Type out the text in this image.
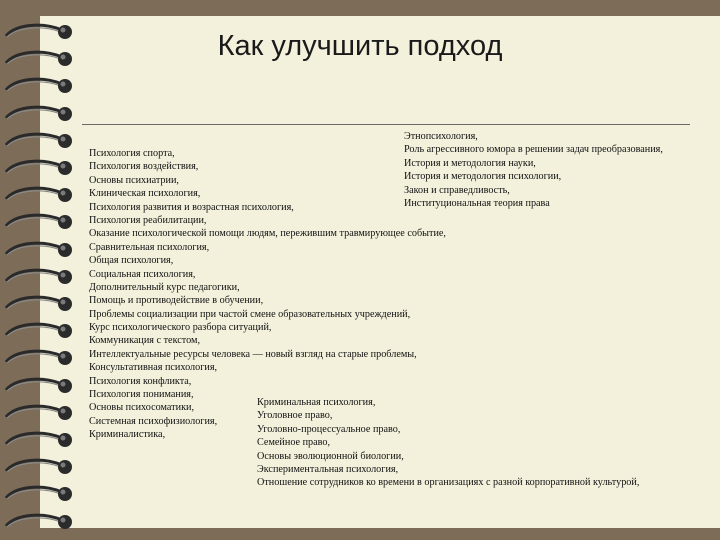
Как улучшить подход
Этнопсихология,
Роль агрессивного юмора в решении задач преобразования,
История и методология науки,
История и методология психологии,
Закон и справедливость,
Институциональная теория права
Психология спорта,
Психология воздействия,
Основы психиатрии,
Клиническая психология,
Психология развития и возрастная психология,
Психология реабилитации,
Оказание психологической помощи людям, пережившим травмирующее событие,
Сравнительная психология,
Общая психология,
Социальная психология,
Дополнительный курс педагогики,
Помощь и противодействие в обучении,
Проблемы социализации при частой смене образовательных учреждений,
Курс психологического разбора ситуаций,
Коммуникация с текстом,
Интеллектуальные ресурсы человека — новый взгляд на старые проблемы,
Консультативная психология,
Психология конфликта,
Психология понимания,
Основы психосоматики,
Системная психофизиология,
Криминалистика,
Криминальная психология,
Уголовное право,
Уголовно-процессуальное право,
Семейное право,
Основы эволюционной биологии,
Экспериментальная психология,
Отношение сотрудников ко времени в организациях с разной корпоративной культурой,
